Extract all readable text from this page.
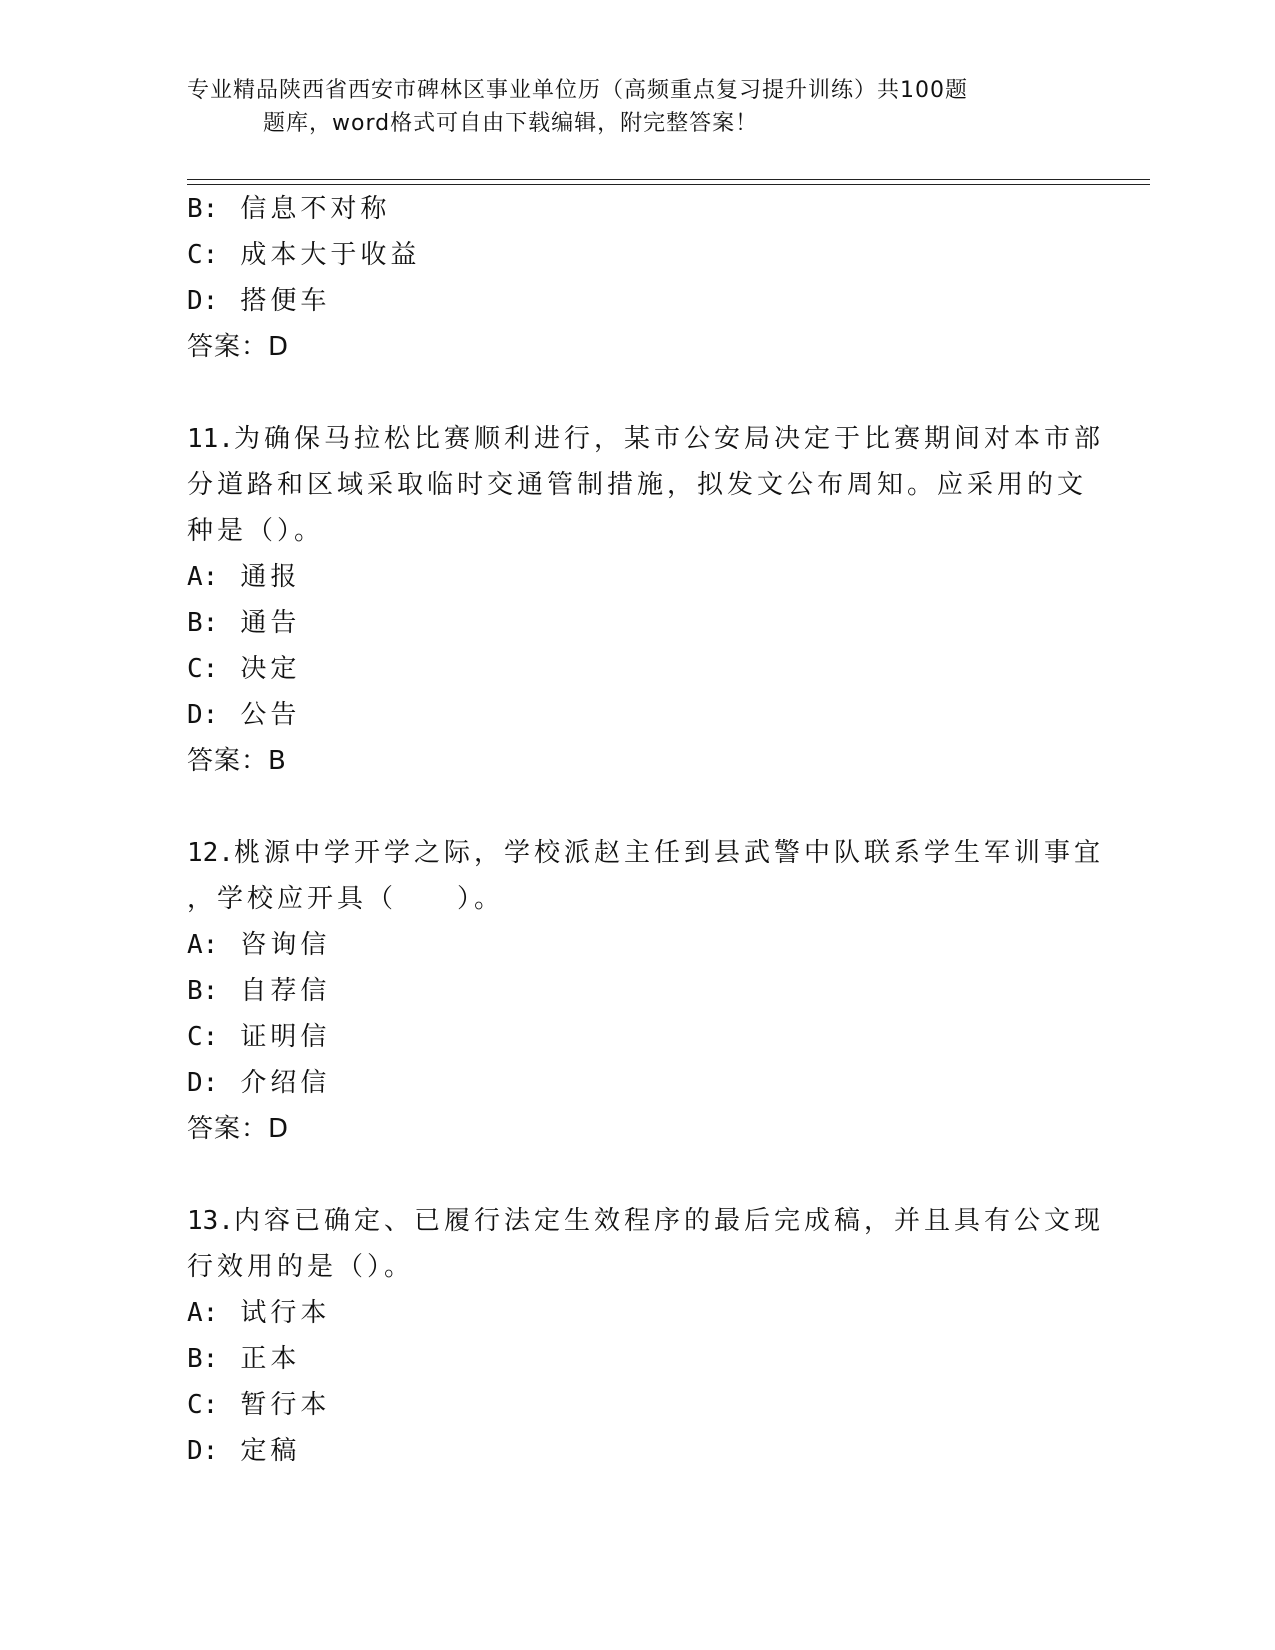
专业精品陕西省西安市碑林区事业单位历（高频重点复习提升训练）共100题
题库，word格式可自由下载编辑，附完整答案！
B: 信息不对称
C: 成本大于收益
D: 搭便车
答案：D
11.为确保马拉松比赛顺利进行，某市公安局决定于比赛期间对本市部
分道路和区域采取临时交通管制措施，拟发文公布周知。应采用的文
种是（）。
A: 通报
B: 通告
C: 决定
D: 公告
答案：B
12.桃源中学开学之际，学校派赵主任到县武警中队联系学生军训事宜
，学校应开具（　　）。
A: 咨询信
B: 自荐信
C: 证明信
D: 介绍信
答案：D
13.内容已确定、已履行法定生效程序的最后完成稿，并且具有公文现
行效用的是（）。
A: 试行本
B: 正本
C: 暂行本
D: 定稿
